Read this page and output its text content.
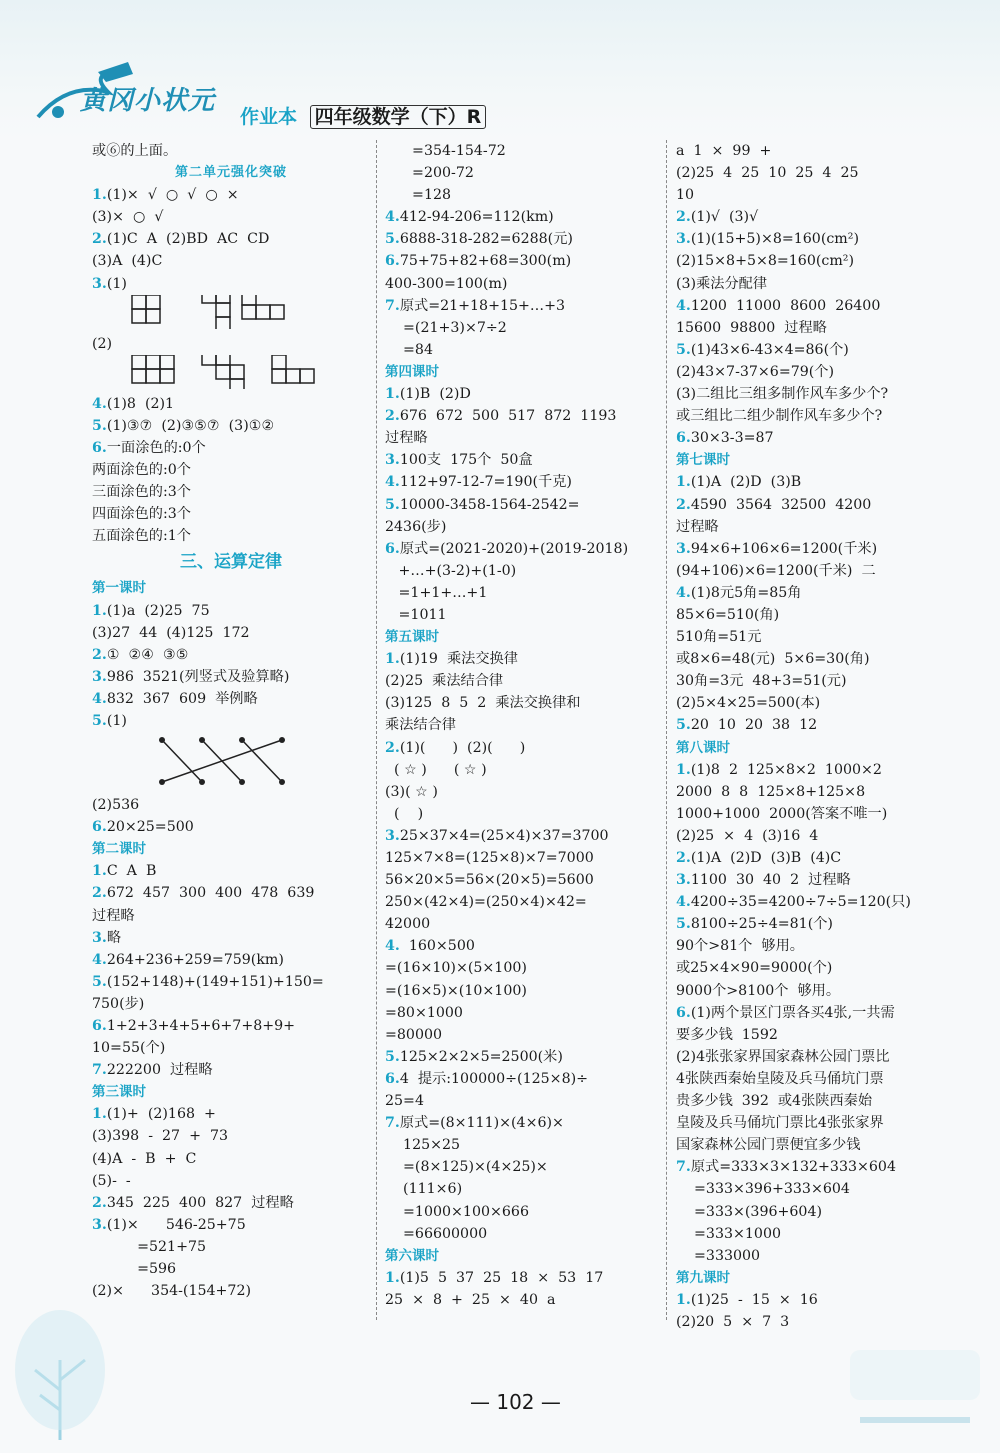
黄冈小状元
作业本 四年级数学（下）R
或⑥的上面。
第二单元强化突破
1.(1)×  √  ○  √  ○  ×
(3)×  ○  √
2.(1)C  A  (2)BD  AC  CD
(3)A  (4)C
3.(1)
(2)
4.(1)8  (2)1
5.(1)③⑦  (2)③⑤⑦  (3)①②
6.一面涂色的:0个
两面涂色的:0个
三面涂色的:3个
四面涂色的:3个
五面涂色的:1个
三、运算定律
第一课时
1.(1)a  (2)25  75
(3)27  44  (4)125  172
2.①  ②④  ③⑤
3.986  3521(列竖式及验算略)
4.832  367  609  举例略
5.(1)
(2)536
6.20×25=500
第二课时
1.C  A  B
2.672  457  300  400  478  639
过程略
3.略
4.264+236+259=759(km)
5.(152+148)+(149+151)+150=
750(步)
6.1+2+3+4+5+6+7+8+9+
10=55(个)
7.222200  过程略
第三课时
1.(1)+  (2)168  +
(3)398  -  27  +  73
(4)A  -  B  +  C
(5)-  -
2.345  225  400  827  过程略
3.(1)×      546-25+75
=521+75
=596
(2)×      354-(154+72)
=354-154-72
=200-72
=128
4.412-94-206=112(km)
5.6888-318-282=6288(元)
6.75+75+82+68=300(m)
400-300=100(m)
7.原式=21+18+15+…+3
=(21+3)×7÷2
=84
第四课时
1.(1)B  (2)D
2.676  672  500  517  872  1193
过程略
3.100支  175个  50盒
4.112+97-12-7=190(千克)
5.10000-3458-1564-2542=
2436(步)
6.原式=(2021-2020)+(2019-2018)
+…+(3-2)+(1-0)
=1+1+…+1
=1011
第五课时
1.(1)19  乘法交换律
(2)25  乘法结合律
(3)125  8  5  2  乘法交换律和
乘法结合律
2.(1)(      )  (2)(      )
( ☆ )      ( ☆ )
(3)( ☆ )
(    )
3.25×37×4=(25×4)×37=3700
125×7×8=(125×8)×7=7000
56×20×5=56×(20×5)=5600
250×(42×4)=(250×4)×42=
42000
4.  160×500
=(16×10)×(5×100)
=(16×5)×(10×100)
=80×1000
=80000
5.125×2×2×5=2500(米)
6.4  提示:100000÷(125×8)÷
25=4
7.原式=(8×111)×(4×6)×
125×25
=(8×125)×(4×25)×
(111×6)
=1000×100×666
=66600000
第六课时
1.(1)5  5  37  25  18  ×  53  17
25  ×  8  +  25  ×  40  a
a  1  ×  99  +
(2)25  4  25  10  25  4  25
10
2.(1)√  (3)√
3.(1)(15+5)×8=160(cm²)
(2)15×8+5×8=160(cm²)
(3)乘法分配律
4.1200  11000  8600  26400
15600  98800  过程略
5.(1)43×6-43×4=86(个)
(2)43×7-37×6=79(个)
(3)二组比三组多制作风车多少个?
或三组比二组少制作风车多少个?
6.30×3-3=87
第七课时
1.(1)A  (2)D  (3)B
2.4590  3564  32500  4200
过程略
3.94×6+106×6=1200(千米)
(94+106)×6=1200(千米)  二
4.(1)8元5角=85角
85×6=510(角)
510角=51元
或8×6=48(元)  5×6=30(角)
30角=3元  48+3=51(元)
(2)5×4×25=500(本)
5.20  10  20  38  12
第八课时
1.(1)8  2  125×8×2  1000×2
2000  8  8  125×8+125×8
1000+1000  2000(答案不唯一)
(2)25  ×  4  (3)16  4
2.(1)A  (2)D  (3)B  (4)C
3.1100  30  40  2  过程略
4.4200÷35=4200÷7÷5=120(只)
5.8100÷25÷4=81(个)
90个>81个  够用。
或25×4×90=9000(个)
9000个>8100个  够用。
6.(1)两个景区门票各买4张,一共需
要多少钱  1592
(2)4张张家界国家森林公园门票比
4张陕西秦始皇陵及兵马俑坑门票
贵多少钱  392  或4张陕西秦始
皇陵及兵马俑坑门票比4张张家界
国家森林公园门票便宜多少钱
7.原式=333×3×132+333×604
=333×396+333×604
=333×(396+604)
=333×1000
=333000
第九课时
1.(1)25  -  15  ×  16
(2)20  5  ×  7  3
— 102 —
